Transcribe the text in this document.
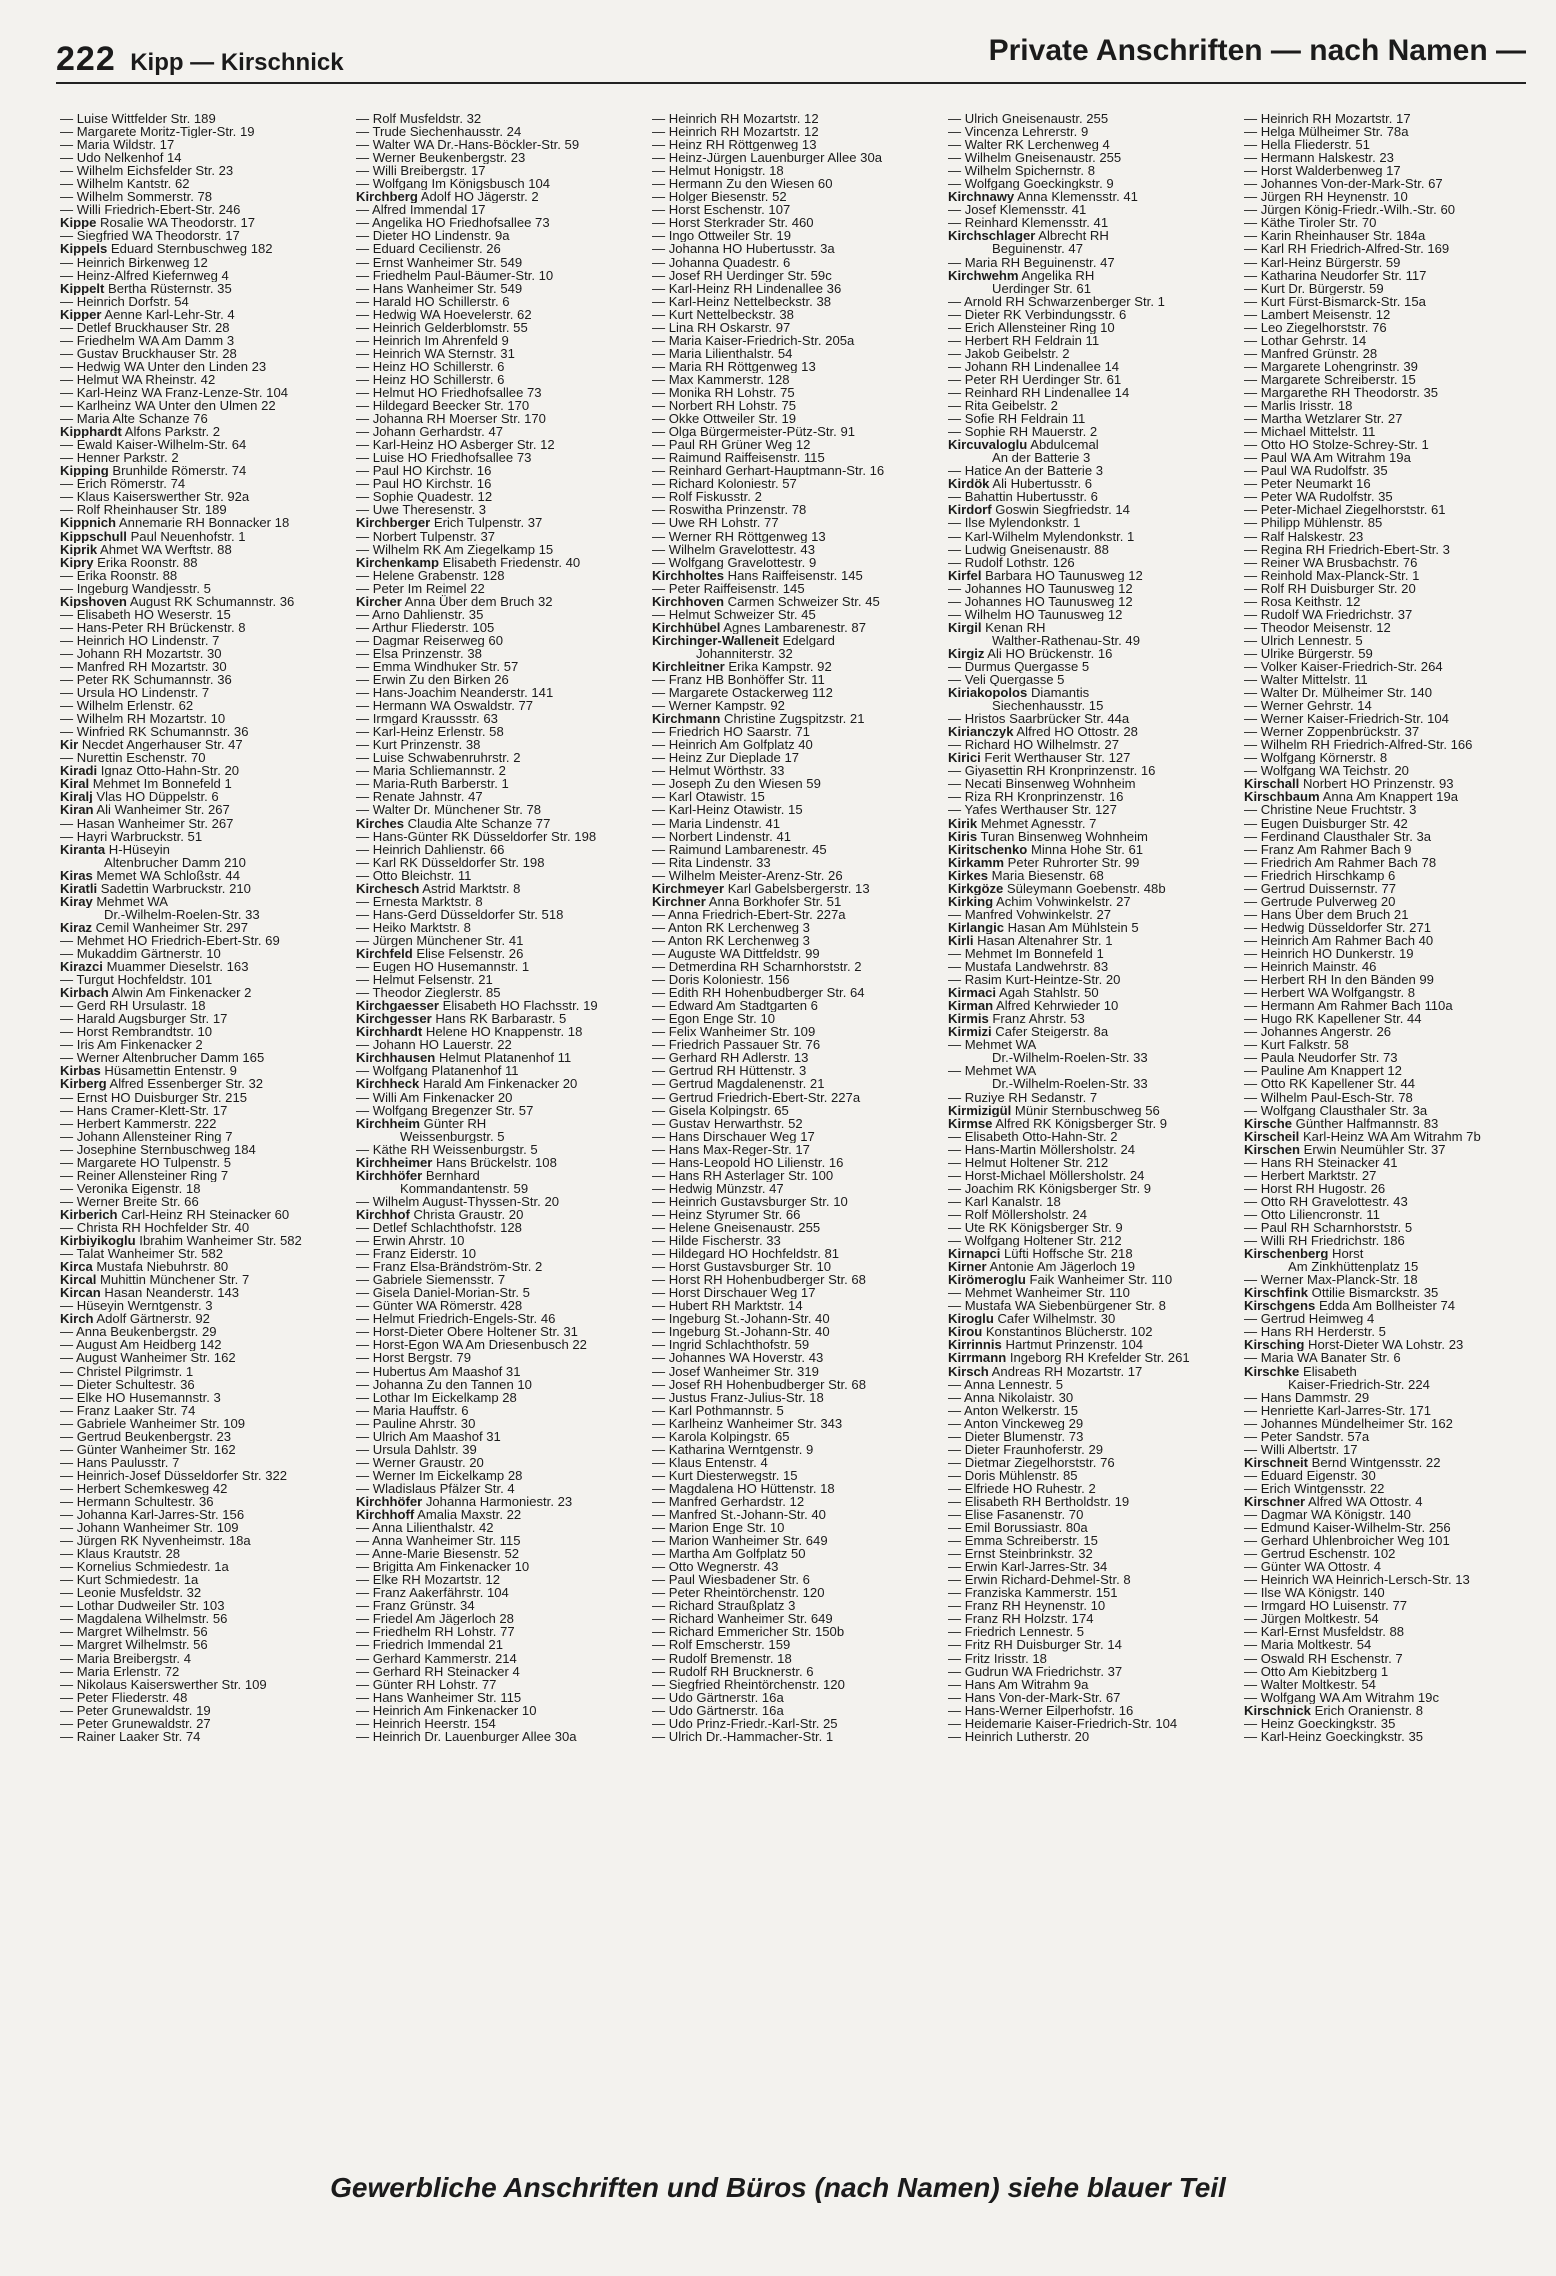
222 Kipp — Kirschnick	Private Anschriften — nach Namen —
— Luise Wittfelder Str. 189
— Margarete Moritz-Tigler-Str. 19
— Maria Wildstr. 17
— Udo Nelkenhof 14
— Wilhelm Eichsfelder Str. 23
— Wilhelm Kantstr. 62
— Wilhelm Sommerstr. 78
— Willi Friedrich-Ebert-Str. 246
Kippe Rosalie WA Theodorstr. 17
— Siegfried WA Theodorstr. 17
Kippels Eduard Sternbuschweg 182
— Heinrich Birkenweg 12
— Heinz-Alfred Kiefernweg 4
Kippelt Bertha Rüsternstr. 35
— Heinrich Dorfstr. 54
Kipper Aenne Karl-Lehr-Str. 4
— Detlef Bruckhauser Str. 28
— Friedhelm WA Am Damm 3
— Gustav Bruckhauser Str. 28
— Hedwig WA Unter den Linden 23
— Helmut WA Rheinstr. 42
— Karl-Heinz WA Franz-Lenze-Str. 104
— Karlheinz WA Unter den Ulmen 22
— Maria Alte Schanze 76
Kipphardt Alfons Parkstr. 2
— Ewald Kaiser-Wilhelm-Str. 64
— Henner Parkstr. 2
Kipping Brunhilde Römerstr. 74
— Erich Römerstr. 74
— Klaus Kaiserswerther Str. 92a
— Rolf Rheinhauser Str. 189
Kippnich Annemarie RH Bonnacker 18
Kippschull Paul Neuenhofstr. 1
Kiprik Ahmet WA Werftstr. 88
Kipry Erika Roonstr. 88
— Erika Roonstr. 88
— Ingeburg Wandjesstr. 5
Kipshoven August RK Schumannstr. 36
— Elisabeth HO Weserstr. 15
— Hans-Peter RH Brückenstr. 8
— Heinrich HO Lindenstr. 7
— Johann RH Mozartstr. 30
— Manfred RH Mozartstr. 30
— Peter RK Schumannstr. 36
— Ursula HO Lindenstr. 7
— Wilhelm Erlenstr. 62
— Wilhelm RH Mozartstr. 10
— Winfried RK Schumannstr. 36
Kir Necdet Angerhauser Str. 47
— Nurettin Eschenstr. 70
Kiradi Ignaz Otto-Hahn-Str. 20
Kiral Mehmet Im Bonnefeld 1
Kiralj Vlas HO Düppelstr. 6
Kiran Ali Wanheimer Str. 267
— Hasan Wanheimer Str. 267
— Hayri Warbruckstr. 51
Kiranta H-Hüseyin
Altenbrucher Damm 210
Kiras Memet WA Schloßstr. 44
Kiratli Sadettin Warbruckstr. 210
Kiray Mehmet WA
Dr.-Wilhelm-Roelen-Str. 33
Kiraz Cemil Wanheimer Str. 297
— Mehmet HO Friedrich-Ebert-Str. 69
— Mukaddim Gärtnerstr. 10
Kirazci Muammer Dieselstr. 163
— Turgut Hochfeldstr. 101
Kirbach Alwin Am Finkenacker 2
— Gerd RH Ursulastr. 18
— Harald Augsburger Str. 17
— Horst Rembrandtstr. 10
— Iris Am Finkenacker 2
— Werner Altenbrucher Damm 165
Kirbas Hüsamettin Entenstr. 9
Kirberg Alfred Essenberger Str. 32
— Ernst HO Duisburger Str. 215
— Hans Cramer-Klett-Str. 17
— Herbert Kammerstr. 222
— Johann Allensteiner Ring 7
— Josephine Sternbuschweg 184
— Margarete HO Tulpenstr. 5
— Reiner Allensteiner Ring 7
— Veronika Eigenstr. 18
— Werner Breite Str. 66
Kirberich Carl-Heinz RH Steinacker 60
— Christa RH Hochfelder Str. 40
Kirbiyikoglu Ibrahim Wanheimer Str. 582
— Talat Wanheimer Str. 582
Kirca Mustafa Niebuhrstr. 80
Kircal Muhittin Münchener Str. 7
Kircan Hasan Neanderstr. 143
— Hüseyin Werntgenstr. 3
Kirch Adolf Gärtnerstr. 92
— Anna Beukenbergstr. 29
— August Am Heidberg 142
— August Wanheimer Str. 162
— Christel Pilgrimstr. 1
— Dieter Schultestr. 36
— Elke HO Husemannstr. 3
— Franz Laaker Str. 74
— Gabriele Wanheimer Str. 109
— Gertrud Beukenbergstr. 23
— Günter Wanheimer Str. 162
— Hans Paulusstr. 7
— Heinrich-Josef Düsseldorfer Str. 322
— Herbert Schemkesweg 42
— Hermann Schultestr. 36
— Johanna Karl-Jarres-Str. 156
— Johann Wanheimer Str. 109
— Jürgen RK Nyvenheimstr. 18a
— Klaus Krautstr. 28
— Kornelius Schmiedestr. 1a
— Kurt Schmiedestr. 1a
— Leonie Musfeldstr. 32
— Lothar Dudweiler Str. 103
— Magdalena Wilhelmstr. 56
— Margret Wilhelmstr. 56
— Margret Wilhelmstr. 56
— Maria Breibergstr. 4
— Maria Erlenstr. 72
— Nikolaus Kaiserswerther Str. 109
— Peter Fliederstr. 48
— Peter Grunewaldstr. 19
— Peter Grunewaldstr. 27
— Rainer Laaker Str. 74
— Rolf Musfeldstr. 32
— Trude Siechenhausstr. 24
— Walter WA Dr.-Hans-Böckler-Str. 59
— Werner Beukenbergstr. 23
— Willi Breibergstr. 17
— Wolfgang Im Königsbusch 104
Kirchberg Adolf HO Jägerstr. 2
— Alfred Immendal 17
— Angelika HO Friedhofsallee 73
— Dieter HO Lindenstr. 9a
— Eduard Cecilienstr. 26
— Ernst Wanheimer Str. 549
— Friedhelm Paul-Bäumer-Str. 10
— Hans Wanheimer Str. 549
— Harald HO Schillerstr. 6
— Hedwig WA Hoevelerstr. 62
— Heinrich Gelderblomstr. 55
— Heinrich Im Ahrenfeld 9
— Heinrich WA Sternstr. 31
— Heinz HO Schillerstr. 6
— Heinz HO Schillerstr. 6
— Helmut HO Friedhofsallee 73
— Hildegard Beecker Str. 170
— Johanna RH Moerser Str. 170
— Johann Gerhardstr. 47
— Karl-Heinz HO Asberger Str. 12
— Luise HO Friedhofsallee 73
— Paul HO Kirchstr. 16
— Paul HO Kirchstr. 16
— Sophie Quadestr. 12
— Uwe Theresenstr. 3
Kirchberger Erich Tulpenstr. 37
— Norbert Tulpenstr. 37
— Wilhelm RK Am Ziegelkamp 15
Kirchenkamp Elisabeth Friedenstr. 40
— Helene Grabenstr. 128
— Peter Im Reimel 22
Kircher Anna Über dem Bruch 32
— Arno Dahlienstr. 35
— Arthur Fliederstr. 105
— Dagmar Reiserweg 60
— Elsa Prinzenstr. 38
— Emma Windhuker Str. 57
— Erwin Zu den Birken 26
— Hans-Joachim Neanderstr. 141
— Hermann WA Oswaldstr. 77
— Irmgard Kraussstr. 63
— Karl-Heinz Erlenstr. 58
— Kurt Prinzenstr. 38
— Luise Schwabenruhrstr. 2
— Maria Schliemannstr. 2
— Maria-Ruth Barberstr. 1
— Renate Jahnstr. 47
— Walter Dr. Münchener Str. 78
Kirches Claudia Alte Schanze 77
— Hans-Günter RK Düsseldorfer Str. 198
— Heinrich Dahlienstr. 66
— Karl RK Düsseldorfer Str. 198
— Otto Bleichstr. 11
Kirchesch Astrid Marktstr. 8
— Ernesta Marktstr. 8
— Hans-Gerd Düsseldorfer Str. 518
— Heiko Marktstr. 8
— Jürgen Münchener Str. 41
Kirchfeld Elise Felsenstr. 26
— Eugen HO Husemannstr. 1
— Helmut Felsenstr. 21
— Theodor Zieglerstr. 85
Kirchgaesser Elisabeth HO Flachsstr. 19
Kirchgesser Hans RK Barbarastr. 5
Kirchhardt Helene HO Knappenstr. 18
— Johann HO Lauerstr. 22
Kirchhausen Helmut Platanenhof 11
— Wolfgang Platanenhof 11
Kirchheck Harald Am Finkenacker 20
— Willi Am Finkenacker 20
— Wolfgang Bregenzer Str. 57
Kirchheim Günter RH
Weissenburgstr. 5
— Käthe RH Weissenburgstr. 5
Kirchheimer Hans Brückelstr. 108
Kirchhöfer Bernhard
Kommandantenstr. 59
— Wilhelm August-Thyssen-Str. 20
Kirchhof Christa Graustr. 20
— Detlef Schlachthofstr. 128
— Erwin Ahrstr. 10
— Franz Eiderstr. 10
— Franz Elsa-Brändström-Str. 2
— Gabriele Siemensstr. 7
— Gisela Daniel-Morian-Str. 5
— Günter WA Römerstr. 428
— Helmut Friedrich-Engels-Str. 46
— Horst-Dieter Obere Holtener Str. 31
— Horst-Egon WA Am Driesenbusch 22
— Horst Bergstr. 79
— Hubertus Am Maashof 31
— Johanna Zu den Tannen 10
— Lothar Im Eickelkamp 28
— Maria Hauffstr. 6
— Pauline Ahrstr. 30
— Ulrich Am Maashof 31
— Ursula Dahlstr. 39
— Werner Graustr. 20
— Werner Im Eickelkamp 28
— Wladislaus Pfälzer Str. 4
Kirchhöfer Johanna Harmoniestr. 23
Kirchhoff Amalia Maxstr. 22
— Anna Lilienthalstr. 42
— Anna Wanheimer Str. 115
— Anne-Marie Biesenstr. 52
— Brigitta Am Finkenacker 10
— Elke RH Mozartstr. 12
— Franz Aakerfährstr. 104
— Franz Grünstr. 34
— Friedel Am Jägerloch 28
— Friedhelm RH Lohstr. 77
— Friedrich Immendal 21
— Gerhard Kammerstr. 214
— Gerhard RH Steinacker 4
— Günter RH Lohstr. 77
— Hans Wanheimer Str. 115
— Heinrich Am Finkenacker 10
— Heinrich Heerstr. 154
— Heinrich Dr. Lauenburger Allee 30a
— Heinrich RH Mozartstr. 12
— Heinrich RH Mozartstr. 12
— Heinz RH Röttgenweg 13
— Heinz-Jürgen Lauenburger Allee 30a
— Helmut Honigstr. 18
— Hermann Zu den Wiesen 60
— Holger Biesenstr. 52
— Horst Eschenstr. 107
— Horst Sterkrader Str. 460
— Ingo Ottweiler Str. 19
— Johanna HO Hubertusstr. 3a
— Johanna Quadestr. 6
— Josef RH Uerdinger Str. 59c
— Karl-Heinz RH Lindenallee 36
— Karl-Heinz Nettelbeckstr. 38
— Kurt Nettelbeckstr. 38
— Lina RH Oskarstr. 97
— Maria Kaiser-Friedrich-Str. 205a
— Maria Lilienthalstr. 54
— Maria RH Röttgenweg 13
— Max Kammerstr. 128
— Monika RH Lohstr. 75
— Norbert RH Lohstr. 75
— Okke Ottweiler Str. 19
— Olga Bürgermeister-Pütz-Str. 91
— Paul RH Grüner Weg 12
— Raimund Raiffeisenstr. 115
— Reinhard Gerhart-Hauptmann-Str. 16
— Richard Koloniestr. 57
— Rolf Fiskusstr. 2
— Roswitha Prinzenstr. 78
— Uwe RH Lohstr. 77
— Werner RH Röttgenweg 13
— Wilhelm Gravelottestr. 43
— Wolfgang Gravelottestr. 9
Kirchholtes Hans Raiffeisenstr. 145
— Peter Raiffeisenstr. 145
Kirchhoven Carmen Schweizer Str. 45
— Helmut Schweizer Str. 45
Kirchhübel Agnes Lambarenestr. 87
Kirchinger-Walleneit Edelgard
Johanniterstr. 32
Kirchleitner Erika Kampstr. 92
— Franz HB Bonhöffer Str. 11
— Margarete Ostackerweg 112
— Werner Kampstr. 92
Kirchmann Christine Zugspitzstr. 21
— Friedrich HO Saarstr. 71
— Heinrich Am Golfplatz 40
— Heinz Zur Dieplade 17
— Helmut Wörthstr. 33
— Joseph Zu den Wiesen 59
— Karl Otawistr. 15
— Karl-Heinz Otawistr. 15
— Maria Lindenstr. 41
— Norbert Lindenstr. 41
— Raimund Lambarenestr. 45
— Rita Lindenstr. 33
— Wilhelm Meister-Arenz-Str. 26
Kirchmeyer Karl Gabelsbergerstr. 13
Kirchner Anna Borkhofer Str. 51
— Anna Friedrich-Ebert-Str. 227a
— Anton RK Lerchenweg 3
— Anton RK Lerchenweg 3
— Auguste WA Dittfeldstr. 99
— Detmerdina RH Scharnhorststr. 2
— Doris Koloniestr. 156
— Edith RH Hohenbudberger Str. 64
— Edward Am Stadtgarten 6
— Egon Enge Str. 10
— Felix Wanheimer Str. 109
— Friedrich Passauer Str. 76
— Gerhard RH Adlerstr. 13
— Gertrud RH Hüttenstr. 3
— Gertrud Magdalenenstr. 21
— Gertrud Friedrich-Ebert-Str. 227a
— Gisela Kolpingstr. 65
— Gustav Herwarthstr. 52
— Hans Dirschauer Weg 17
— Hans Max-Reger-Str. 17
— Hans-Leopold HO Lilienstr. 16
— Hans RH Asterlager Str. 100
— Hedwig Münzstr. 47
— Heinrich Gustavsburger Str. 10
— Heinz Styrumer Str. 66
— Helene Gneisenaustr. 255
— Hilde Fischerstr. 33
— Hildegard HO Hochfeldstr. 81
— Horst Gustavsburger Str. 10
— Horst RH Hohenbudberger Str. 68
— Horst Dirschauer Weg 17
— Hubert RH Marktstr. 14
— Ingeburg St.-Johann-Str. 40
— Ingeburg St.-Johann-Str. 40
— Ingrid Schlachthofstr. 59
— Johannes WA Hoverstr. 43
— Josef Wanheimer Str. 319
— Josef RH Hohenbudberger Str. 68
— Justus Franz-Julius-Str. 18
— Karl Pothmannstr. 5
— Karlheinz Wanheimer Str. 343
— Karola Kolpingstr. 65
— Katharina Werntgenstr. 9
— Klaus Entenstr. 4
— Kurt Diesterwegstr. 15
— Magdalena HO Hüttenstr. 18
— Manfred Gerhardstr. 12
— Manfred St.-Johann-Str. 40
— Marion Enge Str. 10
— Marion Wanheimer Str. 649
— Martha Am Golfplatz 50
— Otto Wegnerstr. 43
— Paul Wiesbadener Str. 6
— Peter Rheintörchenstr. 120
— Richard Straußplatz 3
— Richard Wanheimer Str. 649
— Richard Emmericher Str. 150b
— Rolf Emscherstr. 159
— Rudolf Bremenstr. 18
— Rudolf RH Brucknerstr. 6
— Siegfried Rheintörchenstr. 120
— Udo Gärtnerstr. 16a
— Udo Gärtnerstr. 16a
— Udo Prinz-Friedr.-Karl-Str. 25
— Ulrich Dr.-Hammacher-Str. 1
— Ulrich Gneisenaustr. 255
— Vincenza Lehrerstr. 9
— Walter RK Lerchenweg 4
— Wilhelm Gneisenaustr. 255
— Wilhelm Spichernstr. 8
— Wolfgang Goeckingkstr. 9
Kirchnawy Anna Klemensstr. 41
— Josef Klemensstr. 41
— Reinhard Klemensstr. 41
Kirchschlager Albrecht RH
Beguinenstr. 47
— Maria RH Beguinenstr. 47
Kirchwehm Angelika RH
Uerdinger Str. 61
— Arnold RH Schwarzenberger Str. 1
— Dieter RK Verbindungsstr. 6
— Erich Allensteiner Ring 10
— Herbert RH Feldrain 11
— Jakob Geibelstr. 2
— Johann RH Lindenallee 14
— Peter RH Uerdinger Str. 61
— Reinhard RH Lindenallee 14
— Rita Geibelstr. 2
— Sofie RH Feldrain 11
— Sophie RH Mauerstr. 2
Kircuvaloglu Abdulcemal
An der Batterie 3
— Hatice An der Batterie 3
Kirdök Ali Hubertusstr. 6
— Bahattin Hubertusstr. 6
Kirdorf Goswin Siegfriedstr. 14
— Ilse Mylendonkstr. 1
— Karl-Wilhelm Mylendonkstr. 1
— Ludwig Gneisenaustr. 88
— Rudolf Lothstr. 126
Kirfel Barbara HO Taunusweg 12
— Johannes HO Taunusweg 12
— Johannes HO Taunusweg 12
— Wilhelm HO Taunusweg 12
Kirgil Kenan RH
Walther-Rathenau-Str. 49
Kirgiz Ali HO Brückenstr. 16
— Durmus Quergasse 5
— Veli Quergasse 5
Kiriakopolos Diamantis
Siechenhausstr. 15
— Hristos Saarbrücker Str. 44a
Kirianczyk Alfred HO Ottostr. 28
— Richard HO Wilhelmstr. 27
Kirici Ferit Werthauser Str. 127
— Giyasettin RH Kronprinzenstr. 16
— Necati Binsenweg Wohnheim
— Riza RH Kronprinzenstr. 16
— Yafes Werthauser Str. 127
Kirik Mehmet Agnesstr. 7
Kiris Turan Binsenweg Wohnheim
Kiritschenko Minna Hohe Str. 61
Kirkamm Peter Ruhrorter Str. 99
Kirkes Maria Biesenstr. 68
Kirkgöze Süleymann Goebenstr. 48b
Kirking Achim Vohwinkelstr. 27
— Manfred Vohwinkelstr. 27
Kirlangic Hasan Am Mühlstein 5
Kirli Hasan Altenahrer Str. 1
— Mehmet Im Bonnefeld 1
— Mustafa Landwehrstr. 83
— Rasim Kurt-Heintze-Str. 20
Kirmaci Agah Stahlstr. 50
Kirman Alfred Kehrwieder 10
Kirmis Franz Ahrstr. 53
Kirmizi Cafer Steigerstr. 8a
— Mehmet WA
Dr.-Wilhelm-Roelen-Str. 33
— Mehmet WA
Dr.-Wilhelm-Roelen-Str. 33
— Ruziye RH Sedanstr. 7
Kirmizigül Münir Sternbuschweg 56
Kirmse Alfred RK Königsberger Str. 9
— Elisabeth Otto-Hahn-Str. 2
— Hans-Martin Möllersholstr. 24
— Helmut Holtener Str. 212
— Horst-Michael Möllersholstr. 24
— Joachim RK Königsberger Str. 9
— Karl Kanalstr. 18
— Rolf Möllersholstr. 24
— Ute RK Königsberger Str. 9
— Wolfgang Holtener Str. 212
Kirnapci Lüfti Hoffsche Str. 218
Kirner Antonie Am Jägerloch 19
Kirömeroglu Faik Wanheimer Str. 110
— Mehmet Wanheimer Str. 110
— Mustafa WA Siebenbürgener Str. 8
Kiroglu Cafer Wilhelmstr. 30
Kirou Konstantinos Blücherstr. 102
Kirrinnis Hartmut Prinzenstr. 104
Kirrmann Ingeborg RH Krefelder Str. 261
Kirsch Andreas RH Mozartstr. 17
— Anna Lennestr. 5
— Anna Nikolaistr. 30
— Anton Welkerstr. 15
— Anton Vinckeweg 29
— Dieter Blumenstr. 73
— Dieter Fraunhoferstr. 29
— Dietmar Ziegelhorststr. 76
— Doris Mühlenstr. 85
— Elfriede HO Ruhestr. 2
— Elisabeth RH Bertholdstr. 19
— Elise Fasanenstr. 70
— Emil Borussiastr. 80a
— Emma Schreiberstr. 15
— Ernst Steinbrinkstr. 32
— Erwin Karl-Jarres-Str. 34
— Erwin Richard-Dehmel-Str. 8
— Franziska Kammerstr. 151
— Franz RH Heynenstr. 10
— Franz RH Holzstr. 174
— Friedrich Lennestr. 5
— Fritz RH Duisburger Str. 14
— Fritz Irisstr. 18
— Gudrun WA Friedrichstr. 37
— Hans Am Witrahm 9a
— Hans Von-der-Mark-Str. 67
— Hans-Werner Eilperhofstr. 16
— Heidemarie Kaiser-Friedrich-Str. 104
— Heinrich Lutherstr. 20
— Heinrich RH Mozartstr. 17
— Helga Mülheimer Str. 78a
— Hella Fliederstr. 51
— Hermann Halskestr. 23
— Horst Walderbenweg 17
— Johannes Von-der-Mark-Str. 67
— Jürgen RH Heynenstr. 10
— Jürgen König-Friedr.-Wilh.-Str. 60
— Käthe Tiroler Str. 70
— Karin Rheinhauser Str. 184a
— Karl RH Friedrich-Alfred-Str. 169
— Karl-Heinz Bürgerstr. 59
— Katharina Neudorfer Str. 117
— Kurt Dr. Bürgerstr. 59
— Kurt Fürst-Bismarck-Str. 15a
— Lambert Meisenstr. 12
— Leo Ziegelhorststr. 76
— Lothar Gehrstr. 14
— Manfred Grünstr. 28
— Margarete Lohengrinstr. 39
— Margarete Schreiberstr. 15
— Margarethe RH Theodorstr. 35
— Marlis Irisstr. 18
— Martha Wetzlarer Str. 27
— Michael Mittelstr. 11
— Otto HO Stolze-Schrey-Str. 1
— Paul WA Am Witrahm 19a
— Paul WA Rudolfstr. 35
— Peter Neumarkt 16
— Peter WA Rudolfstr. 35
— Peter-Michael Ziegelhorststr. 61
— Philipp Mühlenstr. 85
— Ralf Halskestr. 23
— Regina RH Friedrich-Ebert-Str. 3
— Reiner WA Brusbachstr. 76
— Reinhold Max-Planck-Str. 1
— Rolf RH Duisburger Str. 20
— Rosa Keithstr. 12
— Rudolf WA Friedrichstr. 37
— Theodor Meisenstr. 12
— Ulrich Lennestr. 5
— Ulrike Bürgerstr. 59
— Volker Kaiser-Friedrich-Str. 264
— Walter Mittelstr. 11
— Walter Dr. Mülheimer Str. 140
— Werner Gehrstr. 14
— Werner Kaiser-Friedrich-Str. 104
— Werner Zoppenbrückstr. 37
— Wilhelm RH Friedrich-Alfred-Str. 166
— Wolfgang Körnerstr. 8
— Wolfgang WA Teichstr. 20
Kirschall Norbert HO Prinzenstr. 93
Kirschbaum Anna Am Knappert 19a
— Christine Neue Fruchtstr. 3
— Eugen Duisburger Str. 42
— Ferdinand Clausthaler Str. 3a
— Franz Am Rahmer Bach 9
— Friedrich Am Rahmer Bach 78
— Friedrich Hirschkamp 6
— Gertrud Duissernstr. 77
— Gertrude Pulverweg 20
— Hans Über dem Bruch 21
— Hedwig Düsseldorfer Str. 271
— Heinrich Am Rahmer Bach 40
— Heinrich HO Dunkerstr. 19
— Heinrich Mainstr. 46
— Herbert RH In den Bänden 99
— Herbert WA Wolfgangstr. 8
— Hermann Am Rahmer Bach 110a
— Hugo RK Kapellener Str. 44
— Johannes Angerstr. 26
— Kurt Falkstr. 58
— Paula Neudorfer Str. 73
— Pauline Am Knappert 12
— Otto RK Kapellener Str. 44
— Wilhelm Paul-Esch-Str. 78
— Wolfgang Clausthaler Str. 3a
Kirsche Günther Halfmannstr. 83
Kirscheil Karl-Heinz WA Am Witrahm 7b
Kirschen Erwin Neumühler Str. 37
— Hans RH Steinacker 41
— Herbert Marktstr. 27
— Horst RH Hugostr. 26
— Otto RH Gravelottestr. 43
— Otto Liliencronstr. 11
— Paul RH Scharnhorststr. 5
— Willi RH Friedrichstr. 186
Kirschenberg Horst
Am Zinkhüttenplatz 15
— Werner Max-Planck-Str. 18
Kirschfink Ottilie Bismarckstr. 35
Kirschgens Edda Am Bollheister 74
— Gertrud Heimweg 4
— Hans RH Herderstr. 5
Kirsching Horst-Dieter WA Lohstr. 23
— Maria WA Banater Str. 6
Kirschke Elisabeth
Kaiser-Friedrich-Str. 224
— Hans Dammstr. 29
— Henriette Karl-Jarres-Str. 171
— Johannes Mündelheimer Str. 162
— Peter Sandstr. 57a
— Willi Albertstr. 17
Kirschneit Bernd Wintgensstr. 22
— Eduard Eigenstr. 30
— Erich Wintgensstr. 22
Kirschner Alfred WA Ottostr. 4
— Dagmar WA Königstr. 140
— Edmund Kaiser-Wilhelm-Str. 256
— Gerhard Uhlenbroicher Weg 101
— Gertrud Eschenstr. 102
— Günter WA Ottostr. 4
— Heinrich WA Heinrich-Lersch-Str. 13
— Ilse WA Königstr. 140
— Irmgard HO Luisenstr. 77
— Jürgen Moltkestr. 54
— Karl-Ernst Musfeldstr. 88
— Maria Moltkestr. 54
— Oswald RH Eschenstr. 7
— Otto Am Kiebitzberg 1
— Walter Moltkestr. 54
— Wolfgang WA Am Witrahm 19c
Kirschnick Erich Oranienstr. 8
— Heinz Goeckingkstr. 35
— Karl-Heinz Goeckingkstr. 35
Gewerbliche Anschriften und Büros (nach Namen) siehe blauer Teil
